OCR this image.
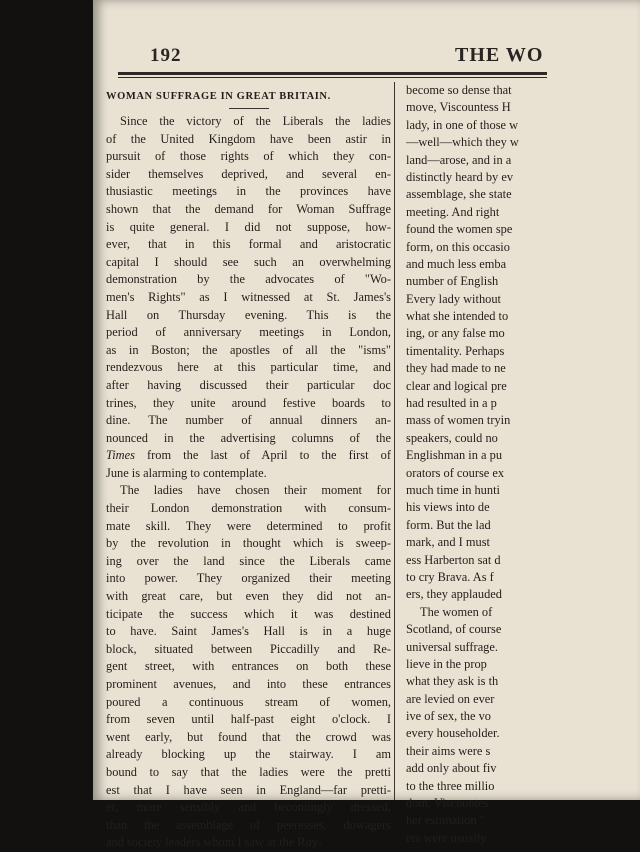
192	THE WO
WOMAN SUFFRAGE IN GREAT BRITAIN.
Since the victory of the Liberals the ladies
of the United Kingdom have been astir in
pursuit of those rights of which they con-
sider themselves deprived, and several en-
thusiastic meetings in the provinces have
shown that the demand for Woman Suffrage
is quite general. I did not suppose, how-
ever, that in this formal and aristocratic
capital I should see such an overwhelming
demonstration by the advocates of "Wo-
men's Rights" as I witnessed at St. James's
Hall on Thursday evening. This is the
period of anniversary meetings in London,
as in Boston; the apostles of all the "isms"
rendezvous here at this particular time, and
after having discussed their particular doc
trines, they unite around festive boards to
dine. The number of annual dinners an-
nounced in the advertising columns of the
Times from the last of April to the first of
June is alarming to contemplate.
The ladies have chosen their moment for
their London demonstration with consum-
mate skill. They were determined to profit
by the revolution in thought which is sweep-
ing over the land since the Liberals came
into power. They organized their meeting
with great care, but even they did not an-
ticipate the success which it was destined
to have. Saint James's Hall is in a huge
block, situated between Piccadilly and Re-
gent street, with entrances on both these
prominent avenues, and into these entrances
poured a continuous stream of women,
from seven until half-past eight o'clock. I
went early, but found that the crowd was
already blocking up the stairway. I am
bound to say that the ladies were the pretti
est that I have seen in England—far pretti-
er, more sensibly and becomingly dressed,
than the assemblage of peeresses, dowagers
and society leaders whom I saw at the Roy-
become so dense that
move, Viscountess H
lady, in one of those w
—well—which they w
land—arose, and in a
distinctly heard by ev
assemblage, she state
meeting. And right
found the women spe
form, on this occasio
and much less emba
number of English
Every lady without
what she intended to
ing, or any false mo
timentality. Perhaps
they had made to ne
clear and logical pre
had resulted in a p
mass of women tryin
speakers, could no
Englishman in a pu
orators of course ex
much time in hunti
his views into de
form. But the lad
mark, and I must
ess Harberton sat d
to cry Brava. As f
ers, they applauded
The women of
Scotland, of course
universal suffrage.
lieve in the prop
what they ask is th
are levied on ever
ive of sex, the vo
every householder.
their aims were s
add only about fiv
to the three millio
dom. Viscountes
her estimation "
ers were usually
